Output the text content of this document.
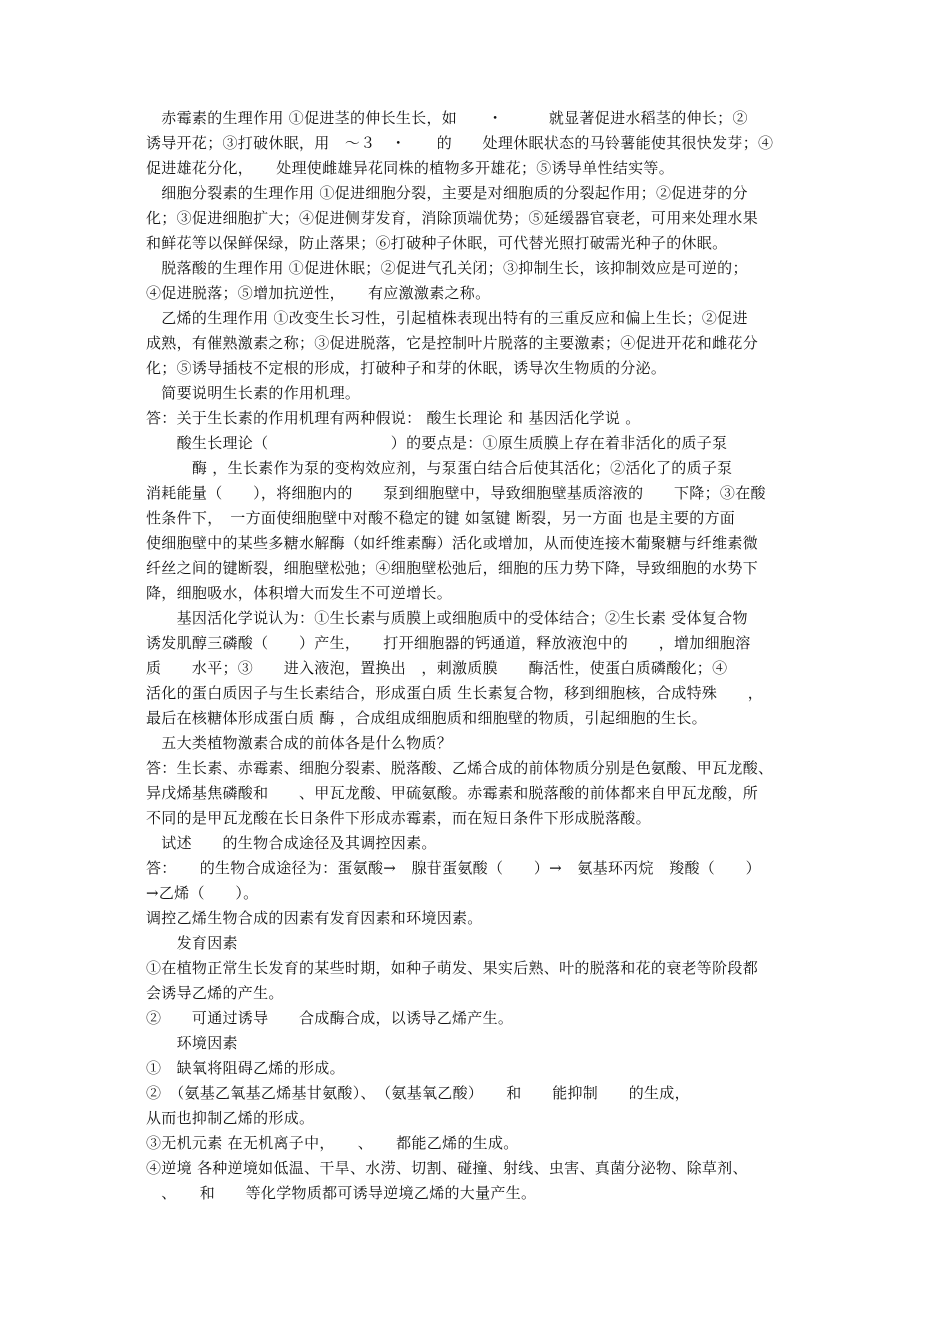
　赤霉素的生理作用 ①促进茎的伸长生长，如　　・　　　就显著促进水稻茎的伸长；②
诱导开花；③打破休眠，用　～３　・　　的　　处理休眠状态的马铃薯能使其很快发芽；④
促进雄花分化，　　处理使雌雄异花同株的植物多开雄花；⑤诱导单性结实等。
　细胞分裂素的生理作用 ①促进细胞分裂，主要是对细胞质的分裂起作用；②促进芽的分
化；③促进细胞扩大；④促进侧芽发育，消除顶端优势；⑤延缓器官衰老，可用来处理水果
和鲜花等以保鲜保绿，防止落果；⑥打破种子休眠，可代替光照打破需光种子的休眠。
　脱落酸的生理作用 ①促进休眠；②促进气孔关闭；③抑制生长，该抑制效应是可逆的；
④促进脱落；⑤增加抗逆性，　　有应激激素之称。
　乙烯的生理作用 ①改变生长习性，引起植株表现出特有的三重反应和偏上生长；②促进
成熟，有催熟激素之称；③促进脱落，它是控制叶片脱落的主要激素；④促进开花和雌花分
化；⑤诱导插枝不定根的形成，打破种子和芽的休眠，诱导次生物质的分泌。
　简要说明生长素的作用机理。
答：关于生长素的作用机理有两种假说： 酸生长理论 和 基因活化学说 。
　　酸生长理论（　　　　　　　　）的要点是：①原生质膜上存在着非活化的质子泵
　　　酶 ，生长素作为泵的变构效应剂，与泵蛋白结合后使其活化；②活化了的质子泵
消耗能量（　　），将细胞内的　　泵到细胞壁中，导致细胞壁基质溶液的　　下降；③在酸
性条件下，　一方面使细胞壁中对酸不稳定的键 如氢键 断裂，另一方面 也是主要的方面
使细胞壁中的某些多糖水解酶（如纤维素酶）活化或增加，从而使连接木葡聚糖与纤维素微
纤丝之间的键断裂，细胞壁松弛；④细胞壁松弛后，细胞的压力势下降，导致细胞的水势下
降，细胞吸水，体积增大而发生不可逆增长。
　　基因活化学说认为：①生长素与质膜上或细胞质中的受体结合；②生长素 受体复合物
诱发肌醇三磷酸（　　）产生，　　打开细胞器的钙通道，释放液泡中的　　，增加细胞溶
质　　水平；③　　进入液泡，置换出　，刺激质膜　　酶活性，使蛋白质磷酸化；④
活化的蛋白质因子与生长素结合，形成蛋白质 生长素复合物，移到细胞核，合成特殊　　，
最后在核糖体形成蛋白质 酶 ，合成组成细胞质和细胞壁的物质，引起细胞的生长。
　五大类植物激素合成的前体各是什么物质？
答：生长素、赤霉素、细胞分裂素、脱落酸、乙烯合成的前体物质分别是色氨酸、甲瓦龙酸、
异戊烯基焦磷酸和　　、甲瓦龙酸、甲硫氨酸。赤霉素和脱落酸的前体都来自甲瓦龙酸，所
不同的是甲瓦龙酸在长日条件下形成赤霉素，而在短日条件下形成脱落酸。
　试述　　的生物合成途径及其调控因素。
答：　　的生物合成途径为：蛋氨酸→　腺苷蛋氨酸（　　）→　氨基环丙烷　羧酸（　　）
→乙烯（　　）。
调控乙烯生物合成的因素有发育因素和环境因素。
　　发育因素
①在植物正常生长发育的某些时期，如种子萌发、果实后熟、叶的脱落和花的衰老等阶段都
会诱导乙烯的产生。
②　　可通过诱导　　合成酶合成，以诱导乙烯产生。
　　环境因素
①　缺氧将阻碍乙烯的形成。
②　（氨基乙氧基乙烯基甘氨酸）、　（氨基氧乙酸）　　和　　能抑制　　的生成，
从而也抑制乙烯的形成。
③无机元素 在无机离子中，　　、　　都能乙烯的生成。
④逆境 各种逆境如低温、干旱、水涝、切割、碰撞、射线、虫害、真菌分泌物、除草剂、
　、　　和　　等化学物质都可诱导逆境乙烯的大量产生。
